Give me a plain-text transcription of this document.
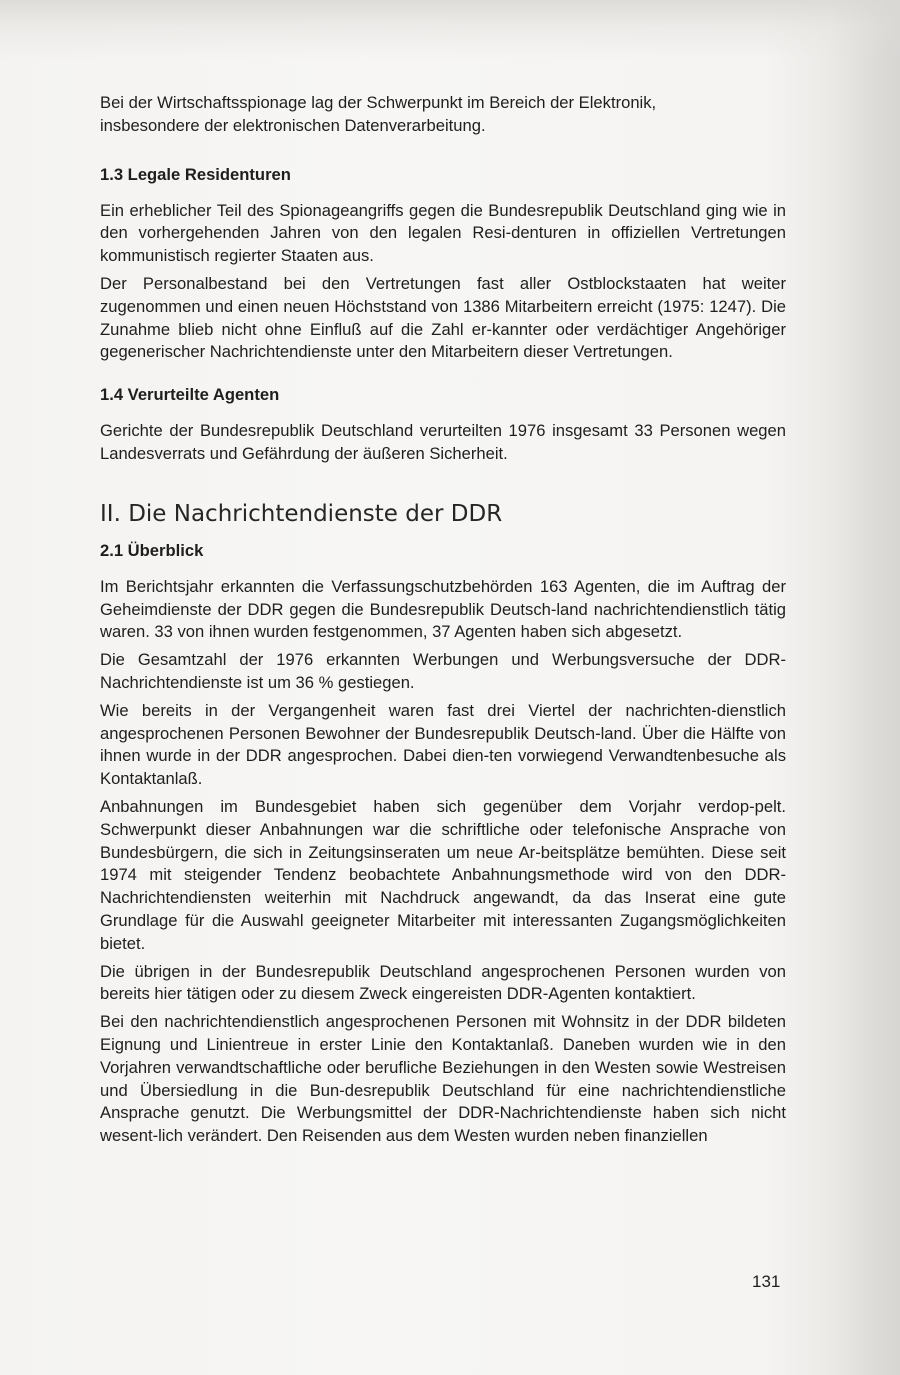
Bei der Wirtschaftsspionage lag der Schwerpunkt im Bereich der Elektronik,
insbesondere der elektronischen Datenverarbeitung.

1.3 Legale Residenturen

Ein erheblicher Teil des Spionageangriffs gegen die Bundesrepublik Deutschland ging wie in den vorhergehenden Jahren von den legalen Resi-denturen in offiziellen Vertretungen kommunistisch regierter Staaten aus.

Der Personalbestand bei den Vertretungen fast aller Ostblockstaaten hat weiter zugenommen und einen neuen Höchststand von 1386 Mitarbeitern erreicht (1975: 1247). Die Zunahme blieb nicht ohne Einfluß auf die Zahl er-kannter oder verdächtiger Angehöriger gegenerischer Nachrichtendienste unter den Mitarbeitern dieser Vertretungen.

1.4 Verurteilte Agenten

Gerichte der Bundesrepublik Deutschland verurteilten 1976 insgesamt 33 Personen wegen Landesverrats und Gefährdung der äußeren Sicherheit.

II. Die Nachrichtendienste der DDR
2.1 Überblick

Im Berichtsjahr erkannten die Verfassungschutzbehörden 163 Agenten, die im Auftrag der Geheimdienste der DDR gegen die Bundesrepublik Deutsch-land nachrichtendienstlich tätig waren. 33 von ihnen wurden festgenommen, 37 Agenten haben sich abgesetzt.

Die Gesamtzahl der 1976 erkannten Werbungen und Werbungsversuche der DDR-Nachrichtendienste ist um 36 % gestiegen.

Wie bereits in der Vergangenheit waren fast drei Viertel der nachrichten-dienstlich angesprochenen Personen Bewohner der Bundesrepublik Deutsch-land. Über die Hälfte von ihnen wurde in der DDR angesprochen. Dabei dien-ten vorwiegend Verwandtenbesuche als Kontaktanlaß.

Anbahnungen im Bundesgebiet haben sich gegenüber dem Vorjahr verdop-pelt. Schwerpunkt dieser Anbahnungen war die schriftliche oder telefonische Ansprache von Bundesbürgern, die sich in Zeitungsinseraten um neue Ar-beitsplätze bemühten. Diese seit 1974 mit steigender Tendenz beobachtete Anbahnungsmethode wird von den DDR-Nachrichtendiensten weiterhin mit Nachdruck angewandt, da das Inserat eine gute Grundlage für die Auswahl geeigneter Mitarbeiter mit interessanten Zugangsmöglichkeiten bietet.

Die übrigen in der Bundesrepublik Deutschland angesprochenen Personen wurden von bereits hier tätigen oder zu diesem Zweck eingereisten DDR-Agenten kontaktiert.

Bei den nachrichtendienstlich angesprochenen Personen mit Wohnsitz in der DDR bildeten Eignung und Linientreue in erster Linie den Kontaktanlaß. Daneben wurden wie in den Vorjahren verwandtschaftliche oder berufliche Beziehungen in den Westen sowie Westreisen und Übersiedlung in die Bun-desrepublik Deutschland für eine nachrichtendienstliche Ansprache genutzt. Die Werbungsmittel der DDR-Nachrichtendienste haben sich nicht wesent-lich verändert. Den Reisenden aus dem Westen wurden neben finanziellen

131
